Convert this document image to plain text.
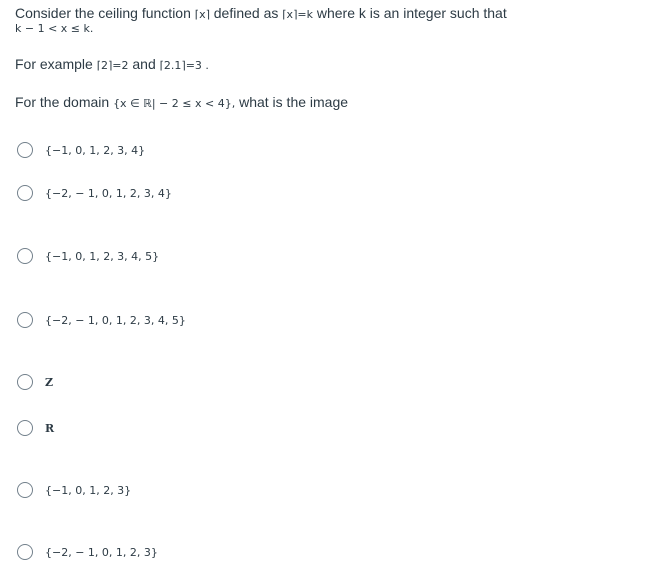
Consider the ceiling function ⌈x⌉ defined as ⌈x⌉=k where k is an integer such that
k − 1 < x ≤ k.
For example ⌈2⌉=2 and ⌈2.1⌉=3 .
For the domain {x ∈ ℝ| − 2 ≤ x < 4}, what is the image
{−1, 0, 1, 2, 3, 4}
{−2, − 1, 0, 1, 2, 3, 4}
{−1, 0, 1, 2, 3, 4, 5}
{−2, − 1, 0, 1, 2, 3, 4, 5}
Z
R
{−1, 0, 1, 2, 3}
{−2, − 1, 0, 1, 2, 3}
